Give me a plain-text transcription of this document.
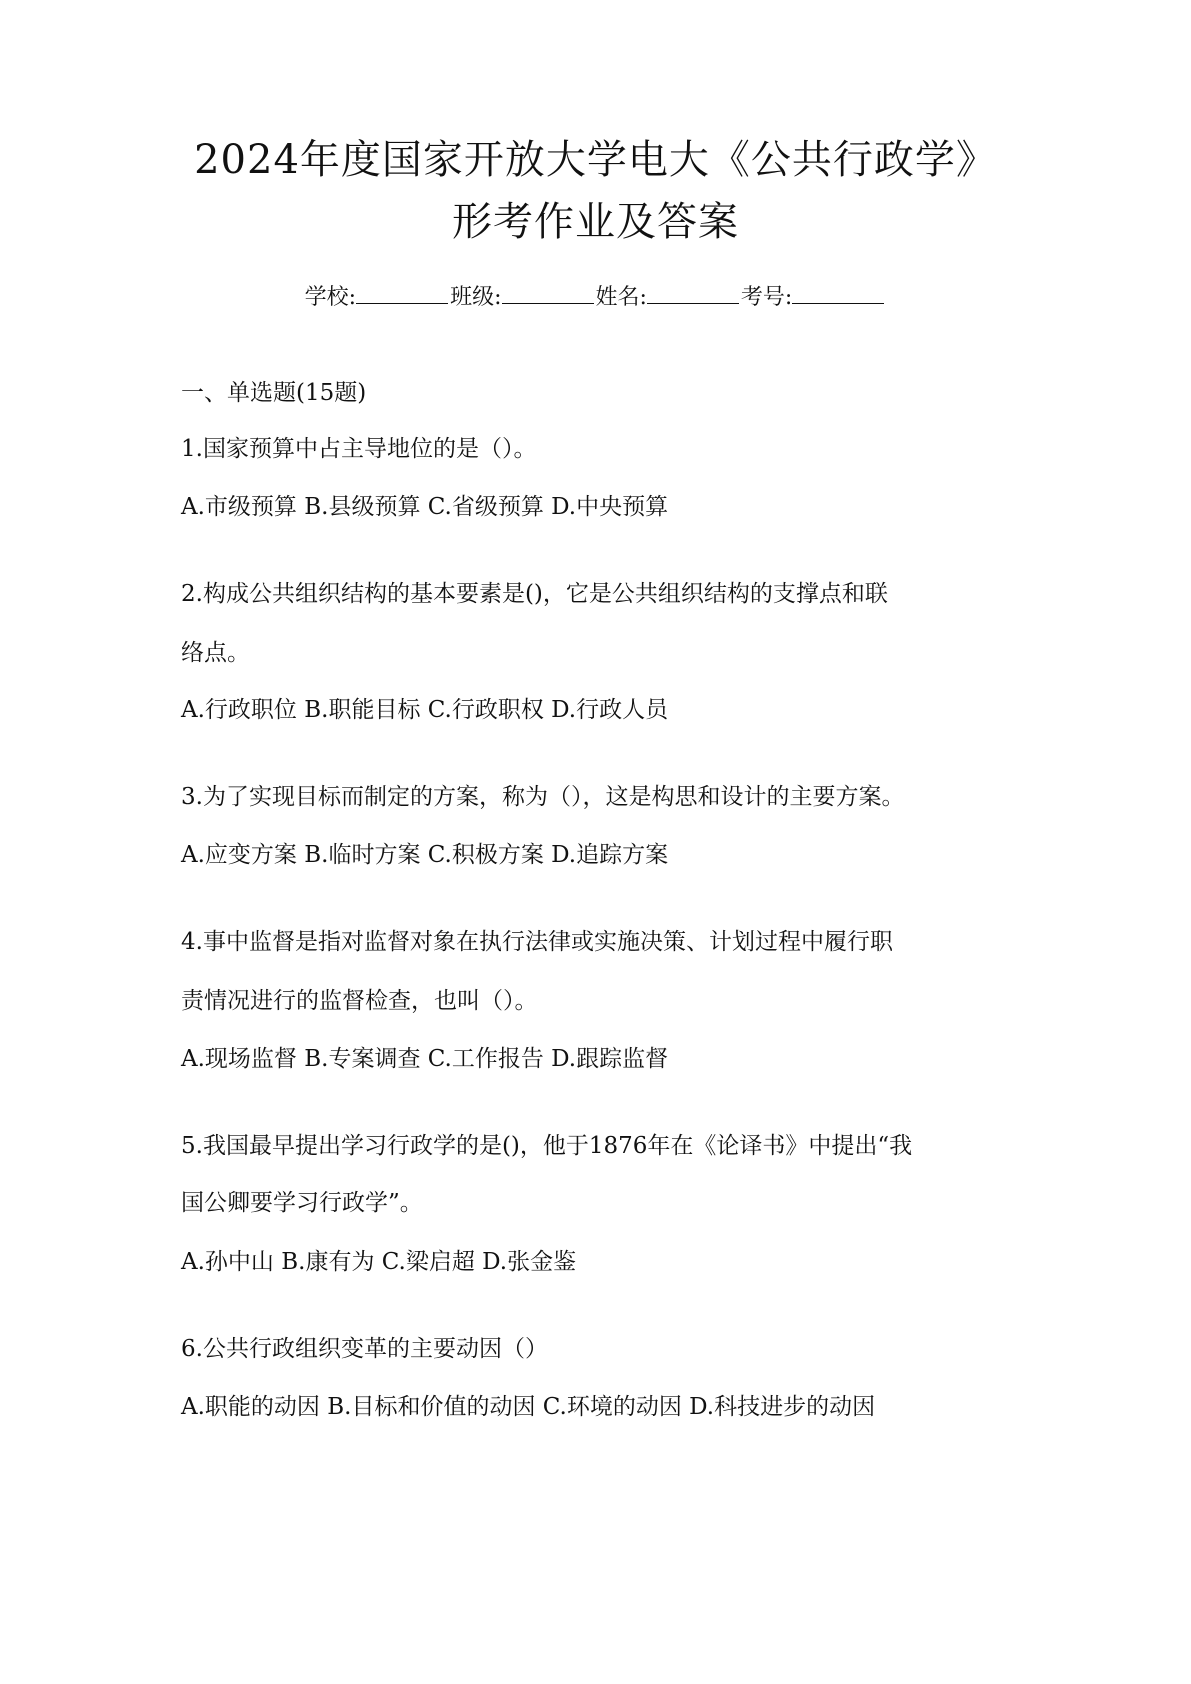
2024年度国家开放大学电大《公共行政学》
形考作业及答案
学校:	班级:	姓名:	考号:
一、单选题(15题)
1.国家预算中占主导地位的是（）。
A.市级预算 B.县级预算 C.省级预算 D.中央预算
2.构成公共组织结构的基本要素是()，它是公共组织结构的支撑点和联
络点。
A.行政职位 B.职能目标 C.行政职权 D.行政人员
3.为了实现目标而制定的方案，称为（），这是构思和设计的主要方案。
A.应变方案 B.临时方案 C.积极方案 D.追踪方案
4.事中监督是指对监督对象在执行法律或实施决策、计划过程中履行职
责情况进行的监督检查，也叫（）。
A.现场监督 B.专案调查 C.工作报告 D.跟踪监督
5.我国最早提出学习行政学的是()，他于1876年在《论译书》中提出“我
国公卿要学习行政学”。
A.孙中山 B.康有为 C.梁启超 D.张金鉴
6.公共行政组织变革的主要动因（）
A.职能的动因 B.目标和价值的动因 C.环境的动因 D.科技进步的动因
